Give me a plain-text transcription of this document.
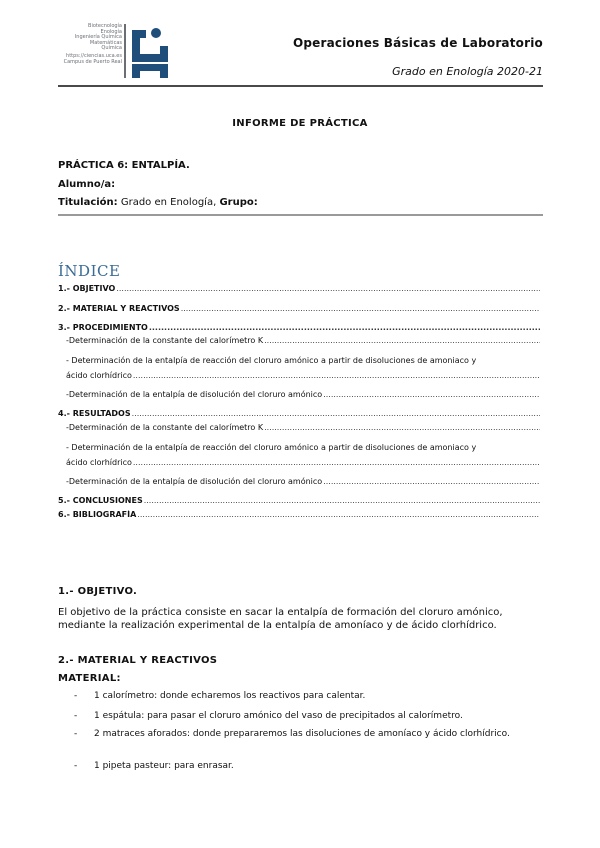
Biotecnología
Enología
Ingeniería Química
Matemáticas
Química
https://ciencias.uca.es
Campus de Puerto Real
Operaciones Básicas de Laboratorio
Grado en Enología 2020-21
INFORME DE PRÁCTICA
PRÁCTICA 6: ENTALPÍA.
Alumno/a:
Titulación: Grado en Enología, Grupo:
ÍNDICE
1.- OBJETIVO
.....
2.- MATERIAL Y REACTIVOS
.....
3.- PROCEDIMIENTO
.....
-Determinación de la constante del calorímetro K
.....
- Determinación de la entalpía de reacción del cloruro amónico a partir de disoluciones de amoniaco y
ácido clorhídrico
.....
-Determinación de la entalpía de disolución del cloruro amónico
.....
4.- RESULTADOS
.....
-Determinación de la constante del calorímetro K
.....
- Determinación de la entalpía de reacción del cloruro amónico a partir de disoluciones de amoniaco y
ácido clorhídrico
.....
-Determinación de la entalpía de disolución del cloruro amónico
.....
5.- CONCLUSIONES
.....
6.- BIBLIOGRAFÍA
.....
1.- OBJETIVO.
El objetivo de la práctica consiste en sacar la entalpía de formación del cloruro amónico, mediante la realización experimental de la entalpía de amoníaco y de ácido clorhídrico.
2.- MATERIAL Y REACTIVOS
MATERIAL:
- 1 calorímetro: donde echaremos los reactivos para calentar.
- 1 espátula: para pasar el cloruro amónico del vaso de precipitados al calorímetro.
- 2 matraces aforados: donde prepararemos las disoluciones de amoníaco y ácido clorhídrico.
- 1 pipeta pasteur: para enrasar.
